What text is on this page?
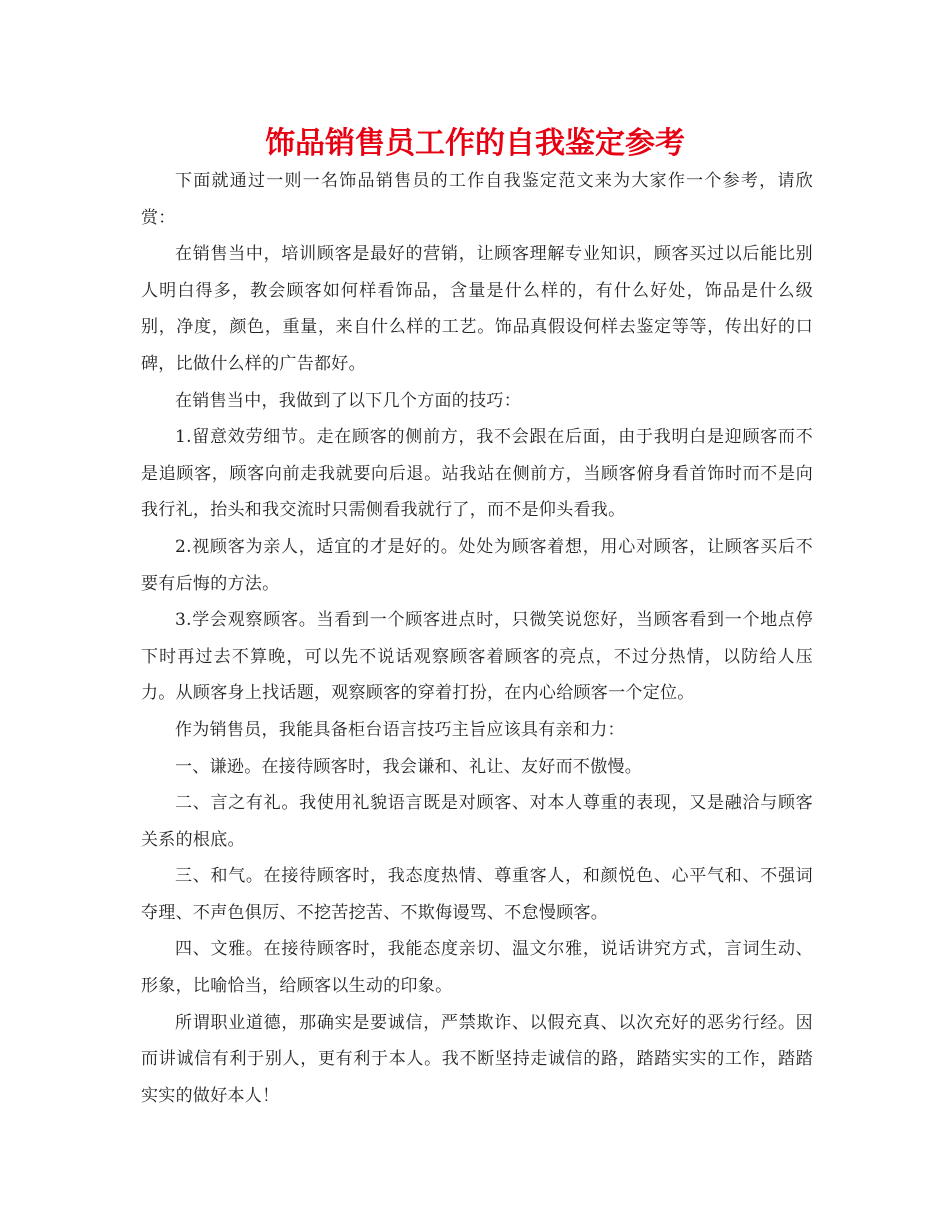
饰品销售员工作的自我鉴定参考

下面就通过一则一名饰品销售员的工作自我鉴定范文来为大家作一个参考，请欣赏：

在销售当中，培训顾客是最好的营销，让顾客理解专业知识，顾客买过以后能比别人明白得多，教会顾客如何样看饰品，含量是什么样的，有什么好处，饰品是什么级别，净度，颜色，重量，来自什么样的工艺。饰品真假设何样去鉴定等等，传出好的口碑，比做什么样的广告都好。

在销售当中，我做到了以下几个方面的技巧：

1.留意效劳细节。走在顾客的侧前方，我不会跟在后面，由于我明白是迎顾客而不是追顾客，顾客向前走我就要向后退。站我站在侧前方，当顾客俯身看首饰时而不是向我行礼，抬头和我交流时只需侧看我就行了，而不是仰头看我。

2.视顾客为亲人，适宜的才是好的。处处为顾客着想，用心对顾客，让顾客买后不要有后悔的方法。

3.学会观察顾客。当看到一个顾客进点时，只微笑说您好，当顾客看到一个地点停下时再过去不算晚，可以先不说话观察顾客着顾客的亮点，不过分热情，以防给人压力。从顾客身上找话题，观察顾客的穿着打扮，在内心给顾客一个定位。

作为销售员，我能具备柜台语言技巧主旨应该具有亲和力：

一、谦逊。在接待顾客时，我会谦和、礼让、友好而不傲慢。

二、言之有礼。我使用礼貌语言既是对顾客、对本人尊重的表现，又是融洽与顾客关系的根底。

三、和气。在接待顾客时，我态度热情、尊重客人，和颜悦色、心平气和、不强词夺理、不声色俱厉、不挖苦挖苦、不欺侮谩骂、不怠慢顾客。

四、文雅。在接待顾客时，我能态度亲切、温文尔雅，说话讲究方式，言词生动、形象，比喻恰当，给顾客以生动的印象。

所谓职业道德，那确实是要诚信，严禁欺诈、以假充真、以次充好的恶劣行经。因而讲诚信有利于别人，更有利于本人。我不断坚持走诚信的路，踏踏实实的工作，踏踏实实的做好本人！
